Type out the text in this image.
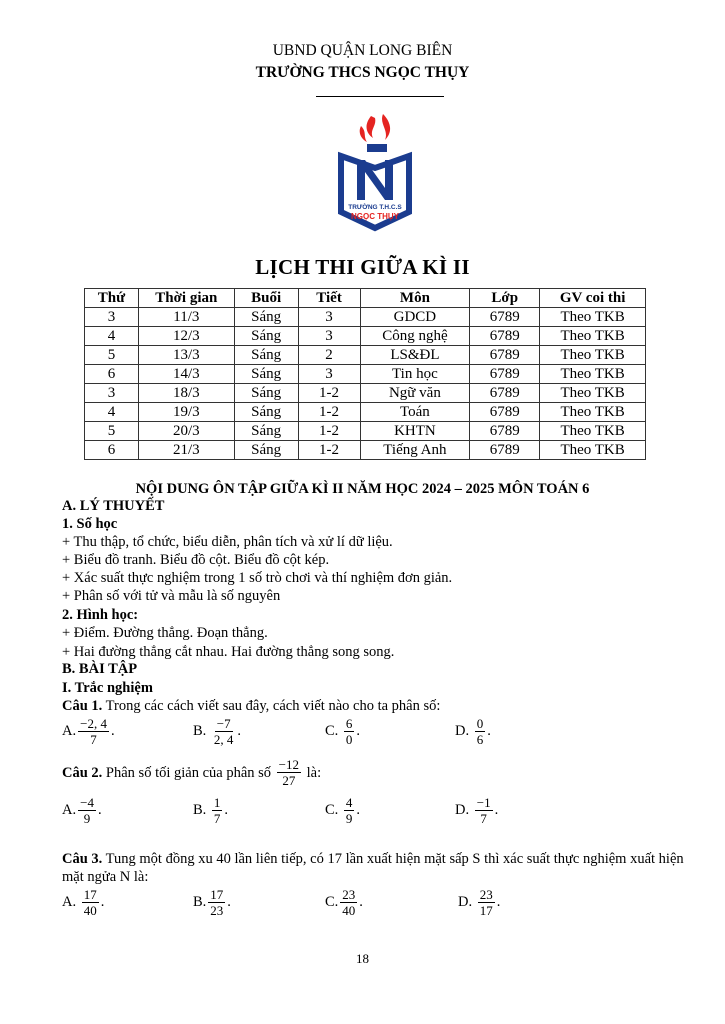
UBND QUẬN LONG BIÊN
TRƯỜNG THCS NGỌC THỤY
TRƯỜNG T.H.C.S
NGỌC THỤY
LỊCH THI GIỮA KÌ II
Thứ	Thời gian	Buổi	Tiết	Môn	Lớp	GV coi thi
3	11/3	Sáng	3	GDCD	6789	Theo TKB
4	12/3	Sáng	3	Công nghệ	6789	Theo TKB
5	13/3	Sáng	2	LS&ĐL	6789	Theo TKB
6	14/3	Sáng	3	Tin học	6789	Theo TKB
3	18/3	Sáng	1-2	Ngữ văn	6789	Theo TKB
4	19/3	Sáng	1-2	Toán	6789	Theo TKB
5	20/3	Sáng	1-2	KHTN	6789	Theo TKB
6	21/3	Sáng	1-2	Tiếng Anh	6789	Theo TKB
NỘI DUNG ÔN TẬP GIỮA KÌ II NĂM HỌC 2024 – 2025 MÔN TOÁN 6
A. LÝ THUYẾT
1. Số học
+ Thu thập, tổ chức, biểu diễn, phân tích và xử lí dữ liệu.
+ Biểu đồ tranh. Biểu đồ cột. Biểu đồ cột kép.
+ Xác suất thực nghiệm trong 1 số trò chơi và thí nghiệm đơn giản.
+ Phân số với tử và mẫu là số nguyên
2. Hình học:
+ Điểm. Đường thẳng. Đoạn thẳng.
+ Hai đường thẳng cắt nhau. Hai đường thẳng song song.
B. BÀI TẬP
I. Trắc nghiệm
Câu 1. Trong các cách viết sau đây, cách viết nào cho ta phân số:
A. $\frac{-2, 4}{7}$ .	B.
$\frac{-7}{2, 4}$ .	C.
$\frac{6}{0}$ .	D.
$\frac{0}{6}$ .
Câu 2. Phân số tối giản của phân số $\frac{-12}{27}$ là:
A. $\frac{-4}{9}$ .	B.
$\frac{1}{7}$ .	C.
$\frac{4}{9}$ .	D.
$\frac{-1}{7}$ .
Câu 3. Tung một đồng xu 40 lần liên tiếp, có 17 lần xuất hiện mặt sấp S thì xác suất thực nghiệm xuất hiện mặt ngửa N là:
A.
$\frac{17}{40}$ .	B. $\frac{17}{23}$ .	C. $\frac{23}{40}$ .	D.
$\frac{23}{17}$ .
18
